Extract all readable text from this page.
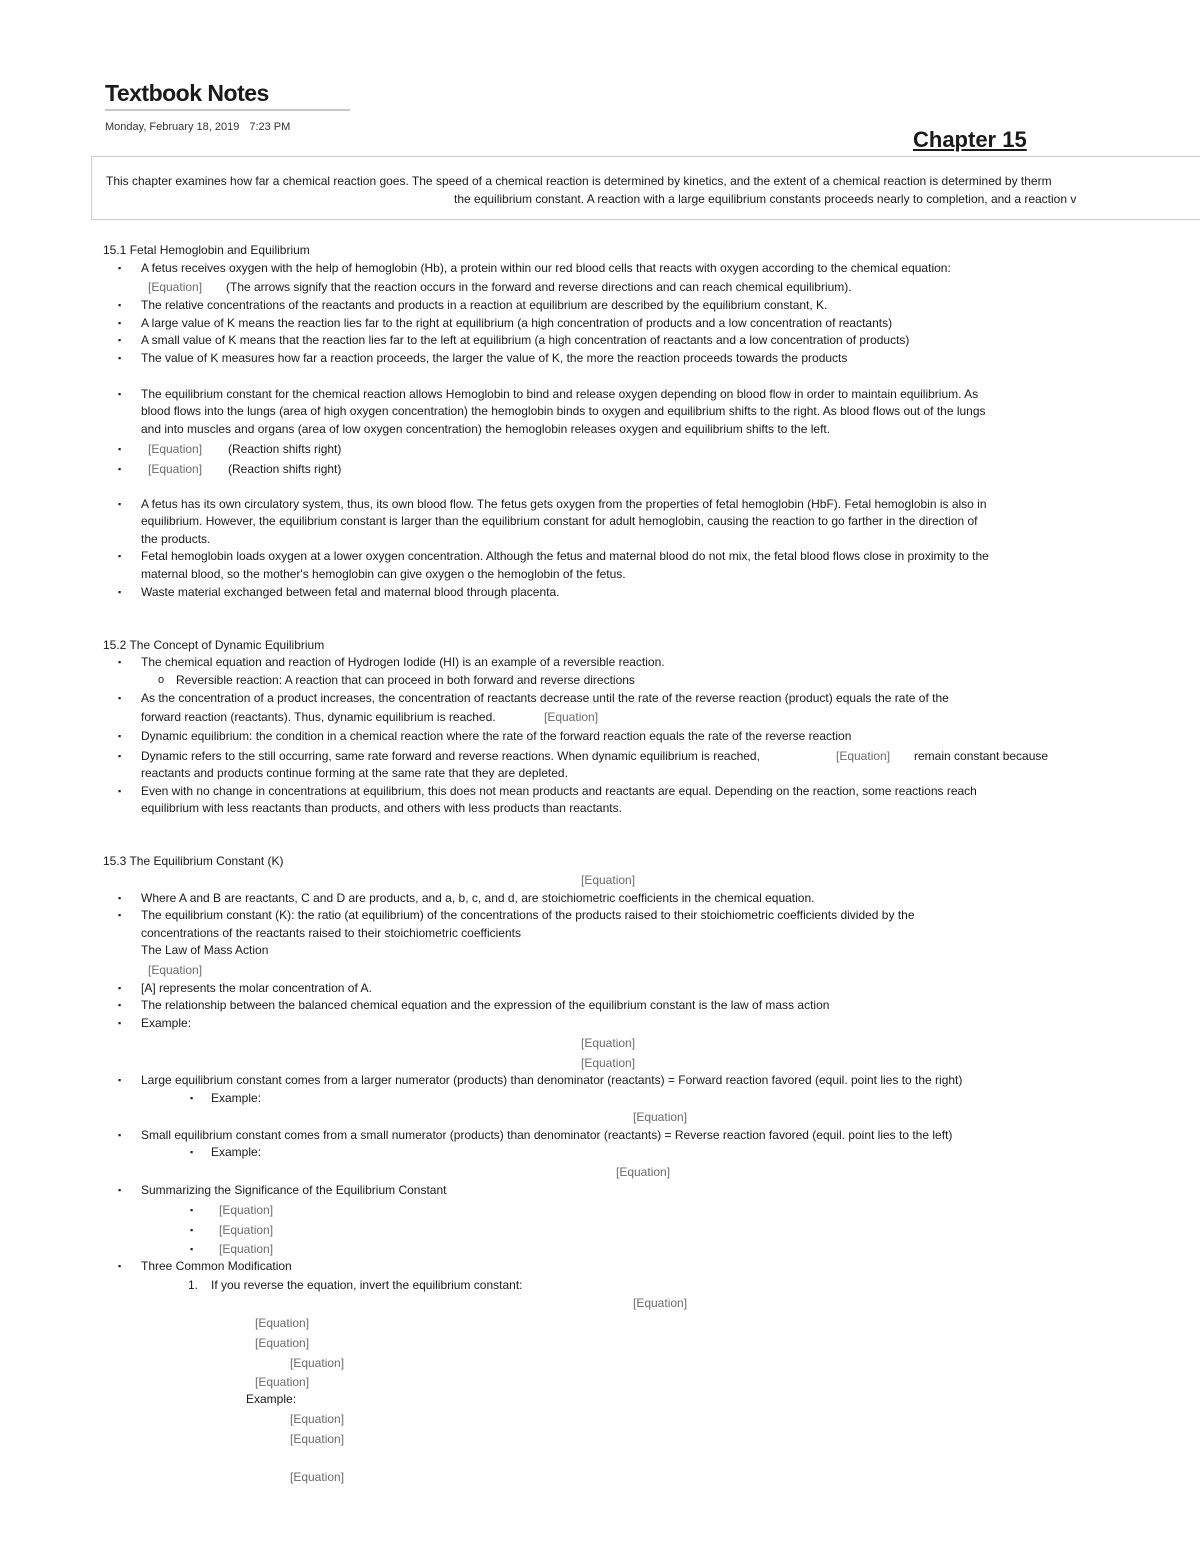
Textbook Notes
Monday, February 18, 2019 7:23 PM	Chapter 15
This chapter examines how far a chemical reaction goes. The speed of a chemical reaction is determined by kinetics, and the extent of a chemical reaction is determined by therm
the equilibrium constant. A reaction with a large equilibrium constants proceeds nearly to completion, and a reaction v
15.1 Fetal Hemoglobin and Equilibrium
▪ A fetus receives oxygen with the help of hemoglobin (Hb), a protein within our red blood cells that reacts with oxygen according to the chemical equation:
[Equation] (The arrows signify that the reaction occurs in the forward and reverse directions and can reach chemical equilibrium).
▪ The relative concentrations of the reactants and products in a reaction at equilibrium are described by the equilibrium constant, K.
▪ A large value of K means the reaction lies far to the right at equilibrium (a high concentration of products and a low concentration of reactants)
▪ A small value of K means that the reaction lies far to the left at equilibrium (a high concentration of reactants and a low concentration of products)
▪ The value of K measures how far a reaction proceeds, the larger the value of K, the more the reaction proceeds towards the products
▪ The equilibrium constant for the chemical reaction allows Hemoglobin to bind and release oxygen depending on blood flow in order to maintain equilibrium. As
blood flows into the lungs (area of high oxygen concentration) the hemoglobin binds to oxygen and equilibrium shifts to the right. As blood flows out of the lungs
and into muscles and organs (area of low oxygen concentration) the hemoglobin releases oxygen and equilibrium shifts to the left.
▪ [Equation] (Reaction shifts right)
▪ [Equation] (Reaction shifts right)
▪ A fetus has its own circulatory system, thus, its own blood flow. The fetus gets oxygen from the properties of fetal hemoglobin (HbF). Fetal hemoglobin is also in
equilibrium. However, the equilibrium constant is larger than the equilibrium constant for adult hemoglobin, causing the reaction to go farther in the direction of
the products.
▪ Fetal hemoglobin loads oxygen at a lower oxygen concentration. Although the fetus and maternal blood do not mix, the fetal blood flows close in proximity to the
maternal blood, so the mother's hemoglobin can give oxygen o the hemoglobin of the fetus.
▪ Waste material exchanged between fetal and maternal blood through placenta.
15.2 The Concept of Dynamic Equilibrium
▪ The chemical equation and reaction of Hydrogen Iodide (HI) is an example of a reversible reaction.
o Reversible reaction: A reaction that can proceed in both forward and reverse directions
▪ As the concentration of a product increases, the concentration of reactants decrease until the rate of the reverse reaction (product) equals the rate of the
forward reaction (reactants). Thus, dynamic equilibrium is reached.	[Equation]
▪ Dynamic equilibrium: the condition in a chemical reaction where the rate of the forward reaction equals the rate of the reverse reaction
▪ Dynamic refers to the still occurring, same rate forward and reverse reactions. When dynamic equilibrium is reached,	[Equation] remain constant because
reactants and products continue forming at the same rate that they are depleted.
▪ Even with no change in concentrations at equilibrium, this does not mean products and reactants are equal. Depending on the reaction, some reactions reach
equilibrium with less reactants than products, and others with less products than reactants.
15.3 The Equilibrium Constant (K)
[Equation]
▪ Where A and B are reactants, C and D are products, and a, b, c, and d, are stoichiometric coefficients in the chemical equation.
▪ The equilibrium constant (K): the ratio (at equilibrium) of the concentrations of the products raised to their stoichiometric coefficients divided by the
concentrations of the reactants raised to their stoichiometric coefficients
The Law of Mass Action
[Equation]
▪ [A] represents the molar concentration of A.
▪ The relationship between the balanced chemical equation and the expression of the equilibrium constant is the law of mass action
▪ Example:
[Equation]
[Equation]
▪ Large equilibrium constant comes from a larger numerator (products) than denominator (reactants) = Forward reaction favored (equil. point lies to the right)
▪ Example:
[Equation]
▪ Small equilibrium constant comes from a small numerator (products) than denominator (reactants) = Reverse reaction favored (equil. point lies to the left)
▪ Example:
[Equation]
▪ Summarizing the Significance of the Equilibrium Constant
▪ [Equation]
▪ [Equation]
▪ [Equation]
▪ Three Common Modification
1. If you reverse the equation, invert the equilibrium constant:
[Equation]
[Equation]
[Equation]
[Equation]
[Equation]
Example:
[Equation]
[Equation]
[Equation]
